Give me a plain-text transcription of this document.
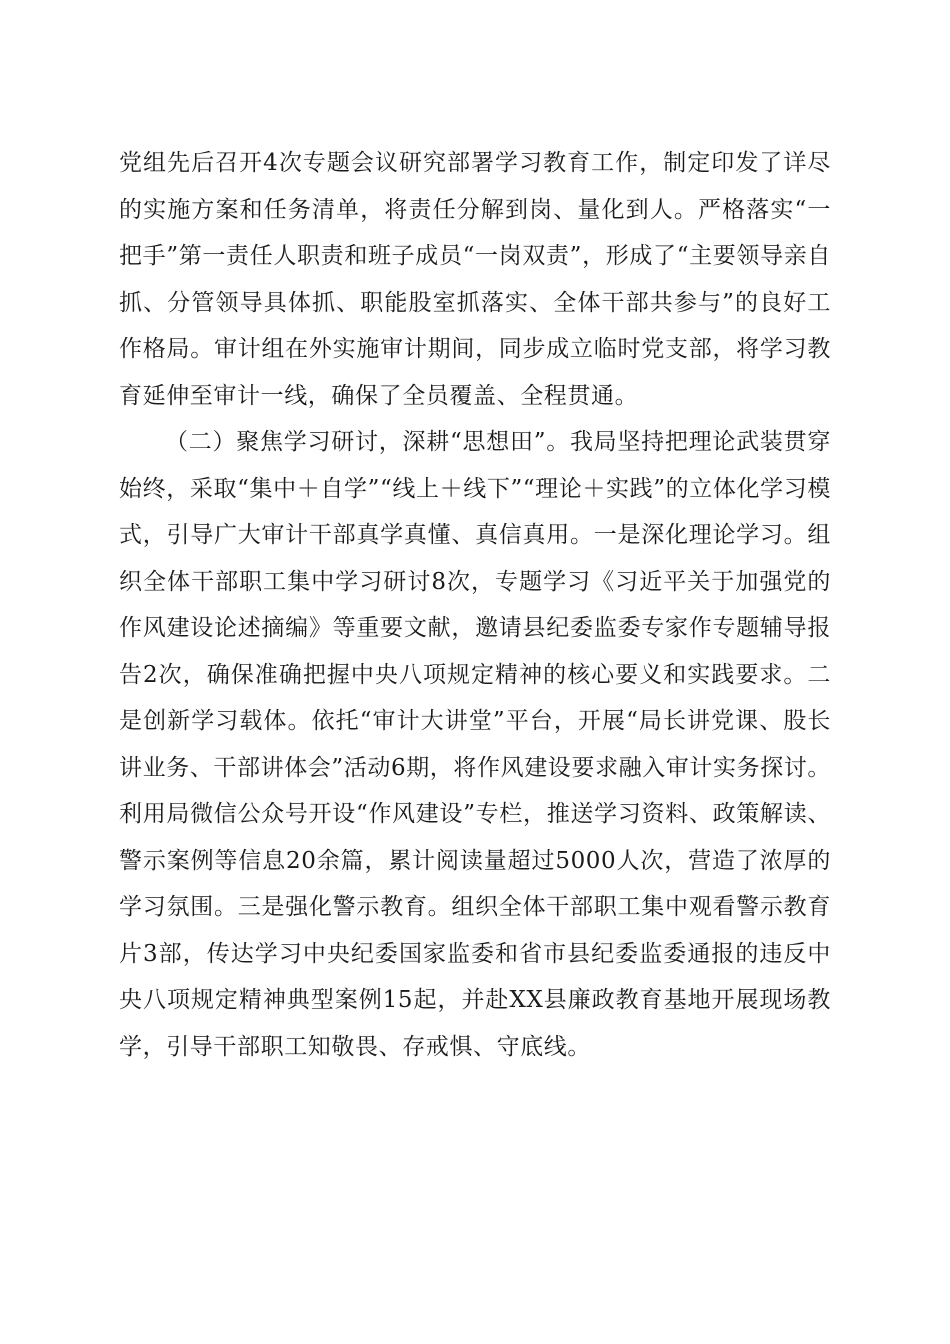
党组先后召开4次专题会议研究部署学习教育工作，制定印发了详尽的实施方案和任务清单，将责任分解到岗、量化到人。严格落实“一把手”第一责任人职责和班子成员“一岗双责”，形成了“主要领导亲自抓、分管领导具体抓、职能股室抓落实、全体干部共参与”的良好工作格局。审计组在外实施审计期间，同步成立临时党支部，将学习教育延伸至审计一线，确保了全员覆盖、全程贯通。

（二）聚焦学习研讨，深耕“思想田”。我局坚持把理论武装贯穿始终，采取“集中＋自学”“线上＋线下”“理论＋实践”的立体化学习模式，引导广大审计干部真学真懂、真信真用。一是深化理论学习。组织全体干部职工集中学习研讨8次，专题学习《习近平关于加强党的作风建设论述摘编》等重要文献，邀请县纪委监委专家作专题辅导报告2次，确保准确把握中央八项规定精神的核心要义和实践要求。二是创新学习载体。依托“审计大讲堂”平台，开展“局长讲党课、股长讲业务、干部讲体会”活动6期，将作风建设要求融入审计实务探讨。利用局微信公众号开设“作风建设”专栏，推送学习资料、政策解读、警示案例等信息20余篇，累计阅读量超过5000人次，营造了浓厚的学习氛围。三是强化警示教育。组织全体干部职工集中观看警示教育片3部，传达学习中央纪委国家监委和省市县纪委监委通报的违反中央八项规定精神典型案例15起，并赴XX县廉政教育基地开展现场教学，引导干部职工知敬畏、存戒惧、守底线。
